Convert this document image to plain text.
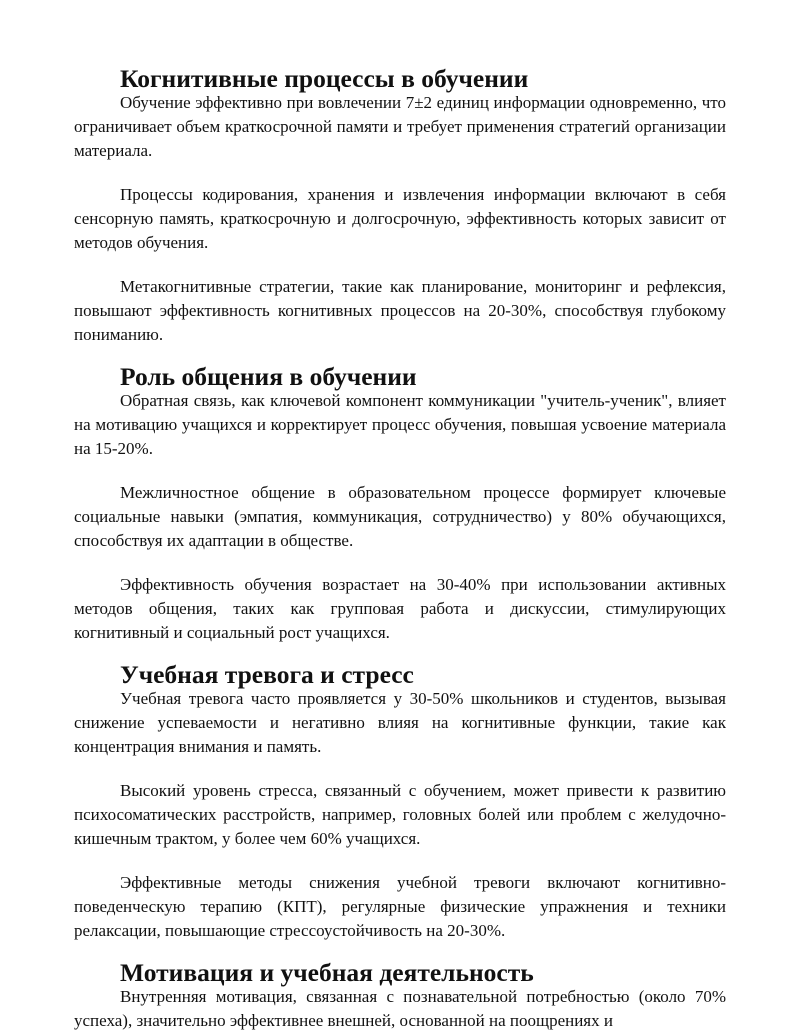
Когнитивные процессы в обучении

Обучение эффективно при вовлечении 7±2 единиц информации одновременно, что ограничивает объем краткосрочной памяти и требует применения стратегий организации материала.

Процессы кодирования, хранения и извлечения информации включают в себя сенсорную память, краткосрочную и долгосрочную, эффективность которых зависит от методов обучения.

Метакогнитивные стратегии, такие как планирование, мониторинг и рефлексия, повышают эффективность когнитивных процессов на 20-30%, способствуя глубокому пониманию.

Роль общения в обучении

Обратная связь, как ключевой компонент коммуникации "учитель-ученик", влияет на мотивацию учащихся и корректирует процесс обучения, повышая усвоение материала на 15-20%.

Межличностное общение в образовательном процессе формирует ключевые социальные навыки (эмпатия, коммуникация, сотрудничество) у 80% обучающихся, способствуя их адаптации в обществе.

Эффективность обучения возрастает на 30-40% при использовании активных методов общения, таких как групповая работа и дискуссии, стимулирующих когнитивный и социальный рост учащихся.

Учебная тревога и стресс

Учебная тревога часто проявляется у 30-50% школьников и студентов, вызывая снижение успеваемости и негативно влияя на когнитивные функции, такие как концентрация внимания и память.

Высокий уровень стресса, связанный с обучением, может привести к развитию психосоматических расстройств, например, головных болей или проблем с желудочно-кишечным трактом, у более чем 60% учащихся.

Эффективные методы снижения учебной тревоги включают когнитивно-поведенческую терапию (КПТ), регулярные физические упражнения и техники релаксации, повышающие стрессоустойчивость на 20-30%.

Мотивация и учебная деятельность

Внутренняя мотивация, связанная с познавательной потребностью (около 70% успеха), значительно эффективнее внешней, основанной на поощрениях и
